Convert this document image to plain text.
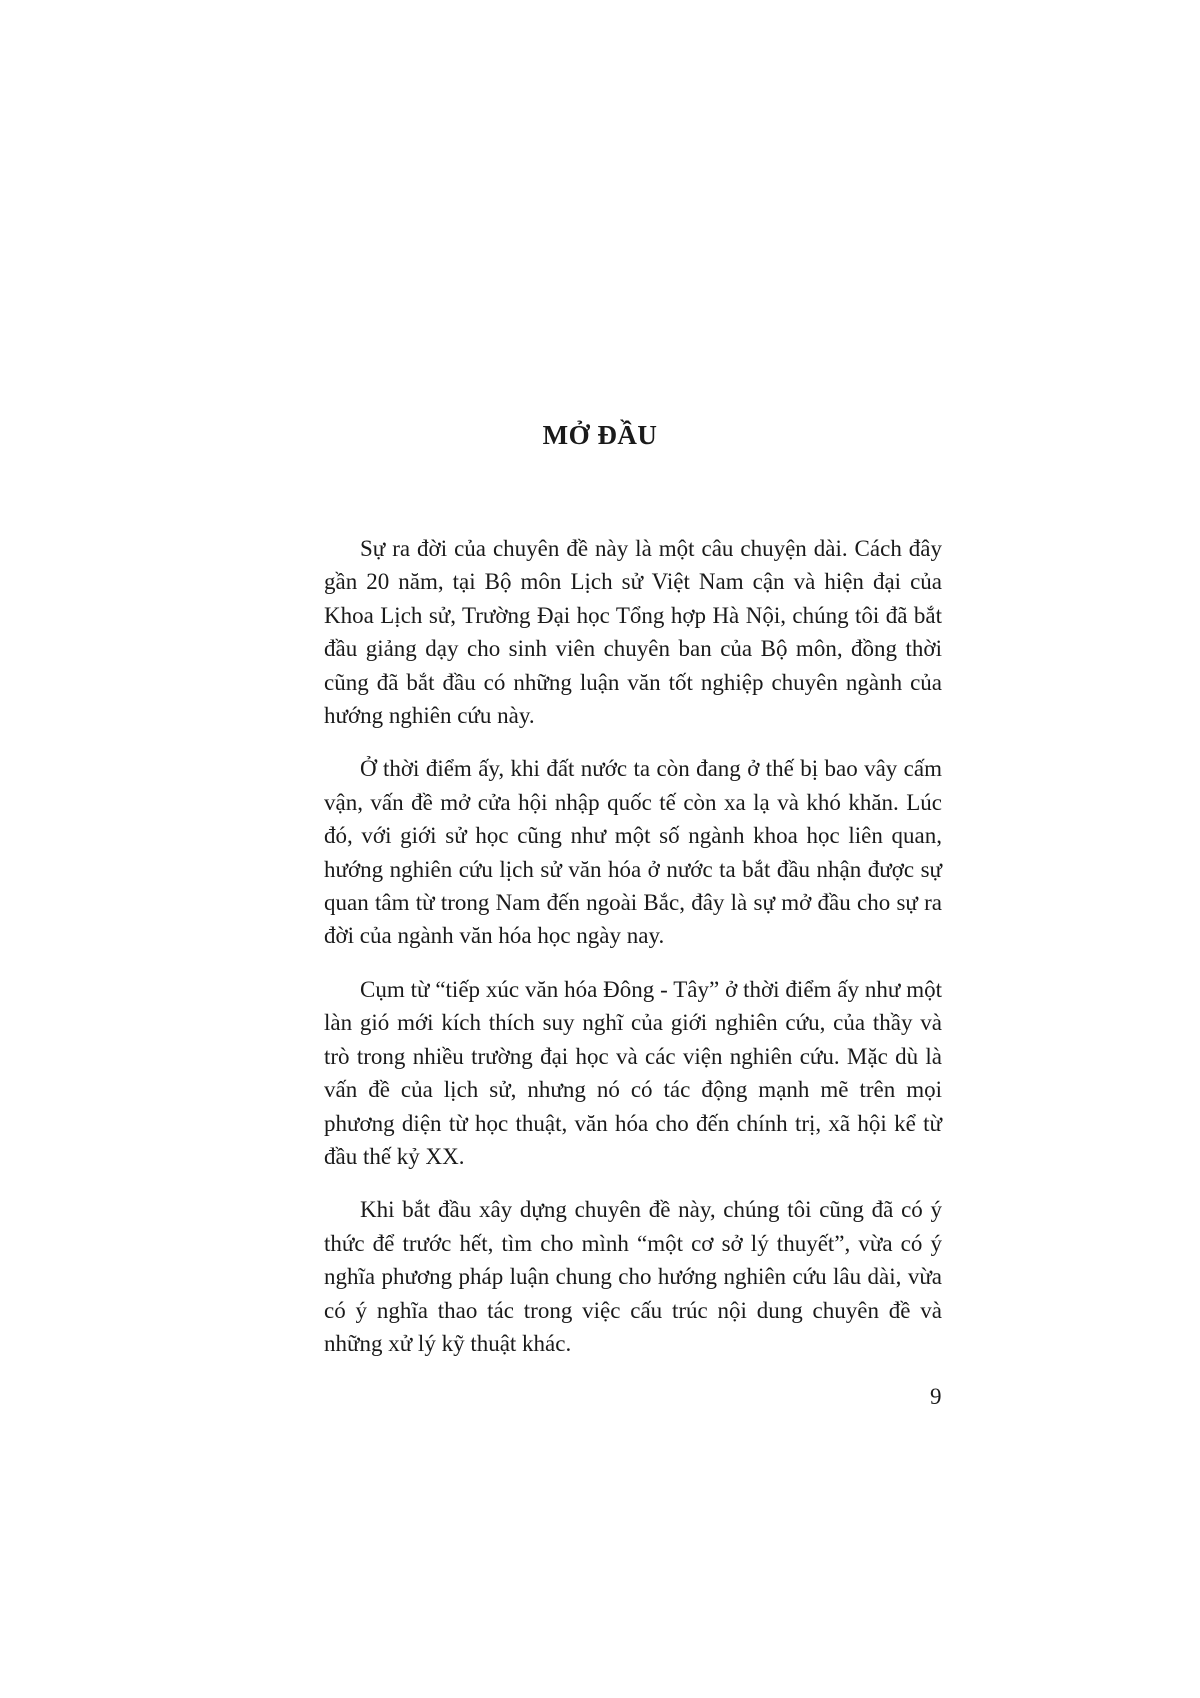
MỞ ĐẦU

Sự ra đời của chuyên đề này là một câu chuyện dài. Cách đây gần 20 năm, tại Bộ môn Lịch sử Việt Nam cận và hiện đại của Khoa Lịch sử, Trường Đại học Tổng hợp Hà Nội, chúng tôi đã bắt đầu giảng dạy cho sinh viên chuyên ban của Bộ môn, đồng thời cũng đã bắt đầu có những luận văn tốt nghiệp chuyên ngành của hướng nghiên cứu này.

Ở thời điểm ấy, khi đất nước ta còn đang ở thế bị bao vây cấm vận, vấn đề mở cửa hội nhập quốc tế còn xa lạ và khó khăn. Lúc đó, với giới sử học cũng như một số ngành khoa học liên quan, hướng nghiên cứu lịch sử văn hóa ở nước ta bắt đầu nhận được sự quan tâm từ trong Nam đến ngoài Bắc, đây là sự mở đầu cho sự ra đời của ngành văn hóa học ngày nay.

Cụm từ “tiếp xúc văn hóa Đông - Tây” ở thời điểm ấy như một làn gió mới kích thích suy nghĩ của giới nghiên cứu, của thầy và trò trong nhiều trường đại học và các viện nghiên cứu. Mặc dù là vấn đề của lịch sử, nhưng nó có tác động mạnh mẽ trên mọi phương diện từ học thuật, văn hóa cho đến chính trị, xã hội kể từ đầu thế kỷ XX.

Khi bắt đầu xây dựng chuyên đề này, chúng tôi cũng đã có ý thức để trước hết, tìm cho mình “một cơ sở lý thuyết”, vừa có ý nghĩa phương pháp luận chung cho hướng nghiên cứu lâu dài, vừa có ý nghĩa thao tác trong việc cấu trúc nội dung chuyên đề và những xử lý kỹ thuật khác.

9
